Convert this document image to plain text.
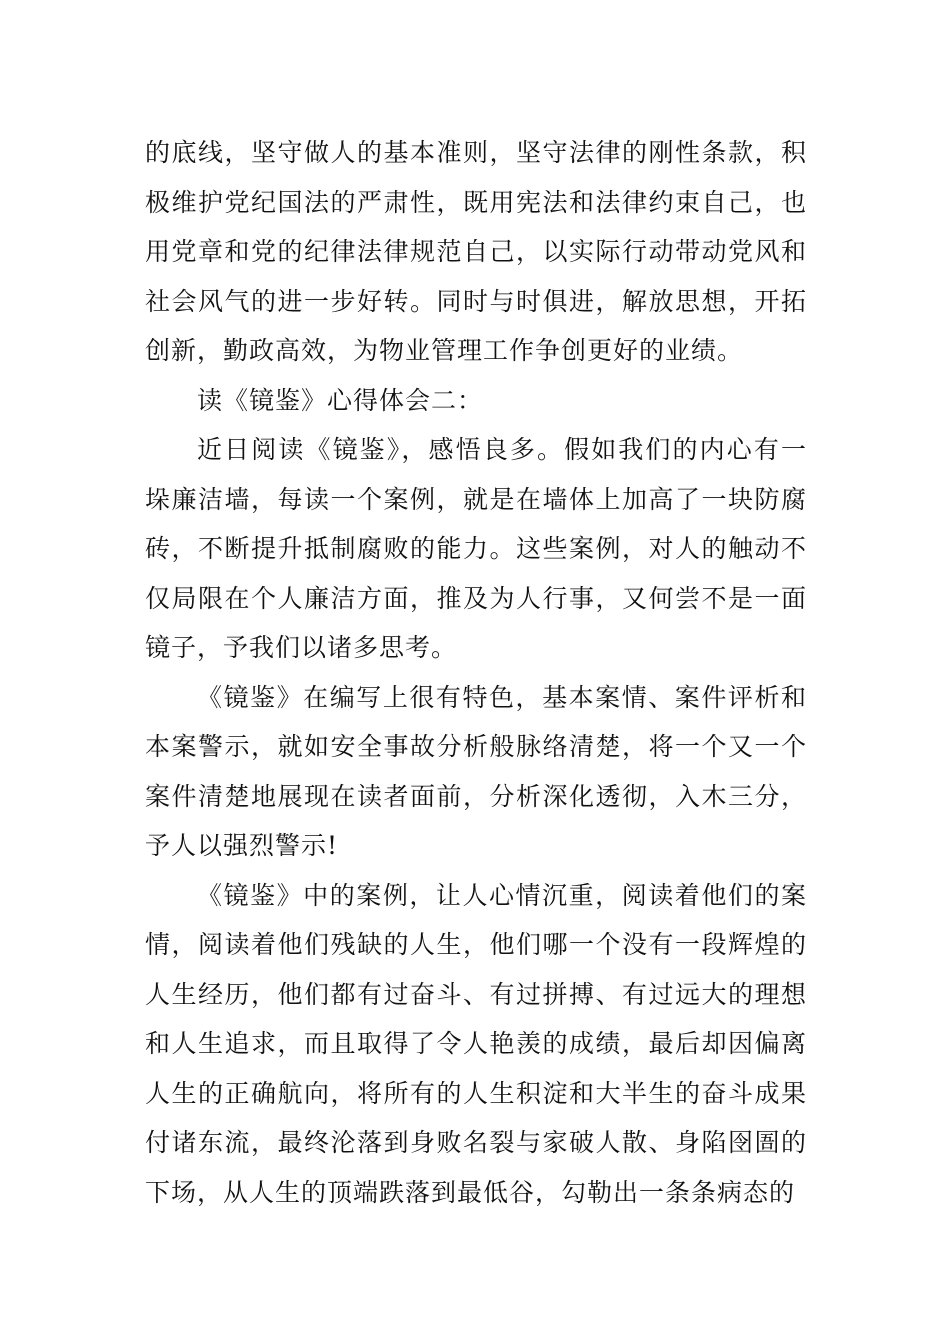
的底线，坚守做人的基本准则，坚守法律的刚性条款，积极维护党纪国法的严肃性，既用宪法和法律约束自己，也用党章和党的纪律法律规范自己，以实际行动带动党风和社会风气的进一步好转。同时与时俱进，解放思想，开拓创新，勤政高效，为物业管理工作争创更好的业绩。

读《镜鉴》心得体会二：

近日阅读《镜鉴》，感悟良多。假如我们的内心有一垛廉洁墙，每读一个案例，就是在墙体上加高了一块防腐砖，不断提升抵制腐败的能力。这些案例，对人的触动不仅局限在个人廉洁方面，推及为人行事，又何尝不是一面镜子，予我们以诸多思考。

《镜鉴》在编写上很有特色，基本案情、案件评析和本案警示，就如安全事故分析般脉络清楚，将一个又一个案件清楚地展现在读者面前，分析深化透彻，入木三分，予人以强烈警示!

《镜鉴》中的案例，让人心情沉重，阅读着他们的案情，阅读着他们残缺的人生，他们哪一个没有一段辉煌的人生经历，他们都有过奋斗、有过拼搏、有过远大的理想和人生追求，而且取得了令人艳羡的成绩，最后却因偏离人生的正确航向，将所有的人生积淀和大半生的奋斗成果付诸东流，最终沦落到身败名裂与家破人散、身陷囹圄的下场，从人生的顶端跌落到最低谷，勾勒出一条条病态的
